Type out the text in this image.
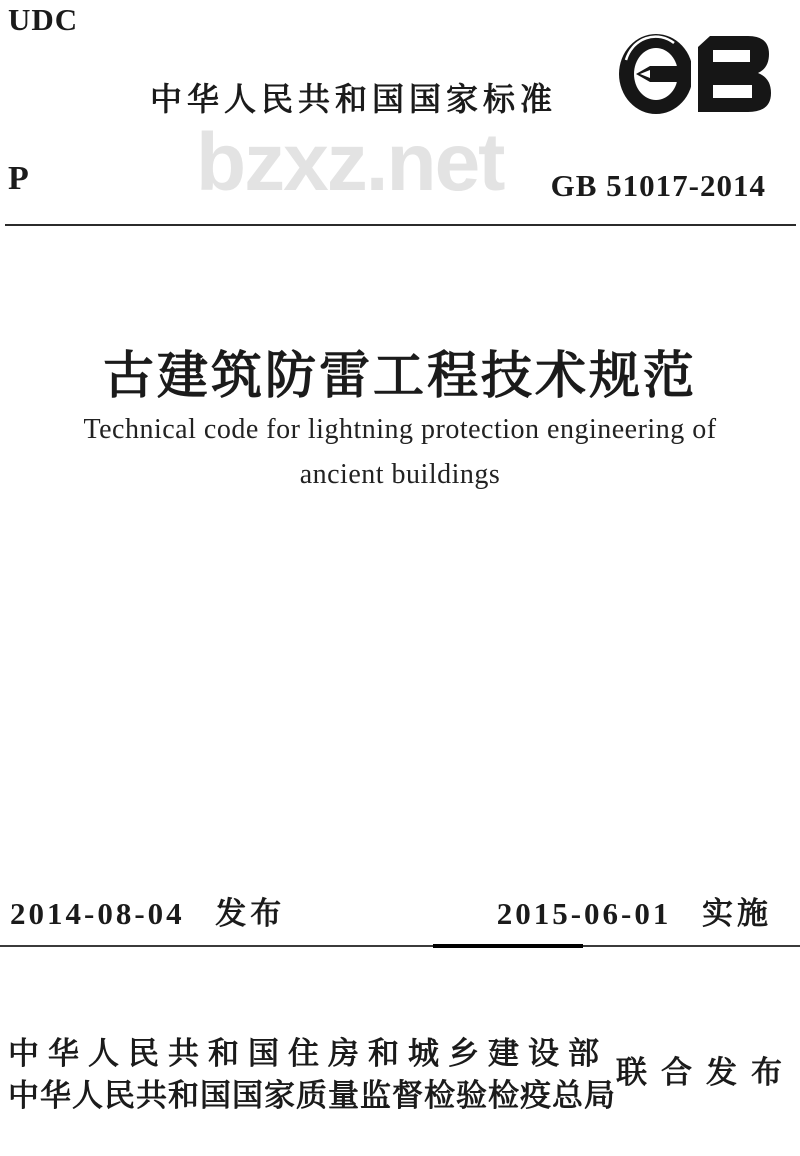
UDC
中华人民共和国国家标准
P bzxz.net GB 51017-2014
古建筑防雷工程技术规范
Technical code for lightning protection engineering of
ancient buildings
2014-08-04 发布	2015-06-01 实施
中华人民共和国住房和城乡建设部
中华人民共和国国家质量监督检验检疫总局
联合发布
